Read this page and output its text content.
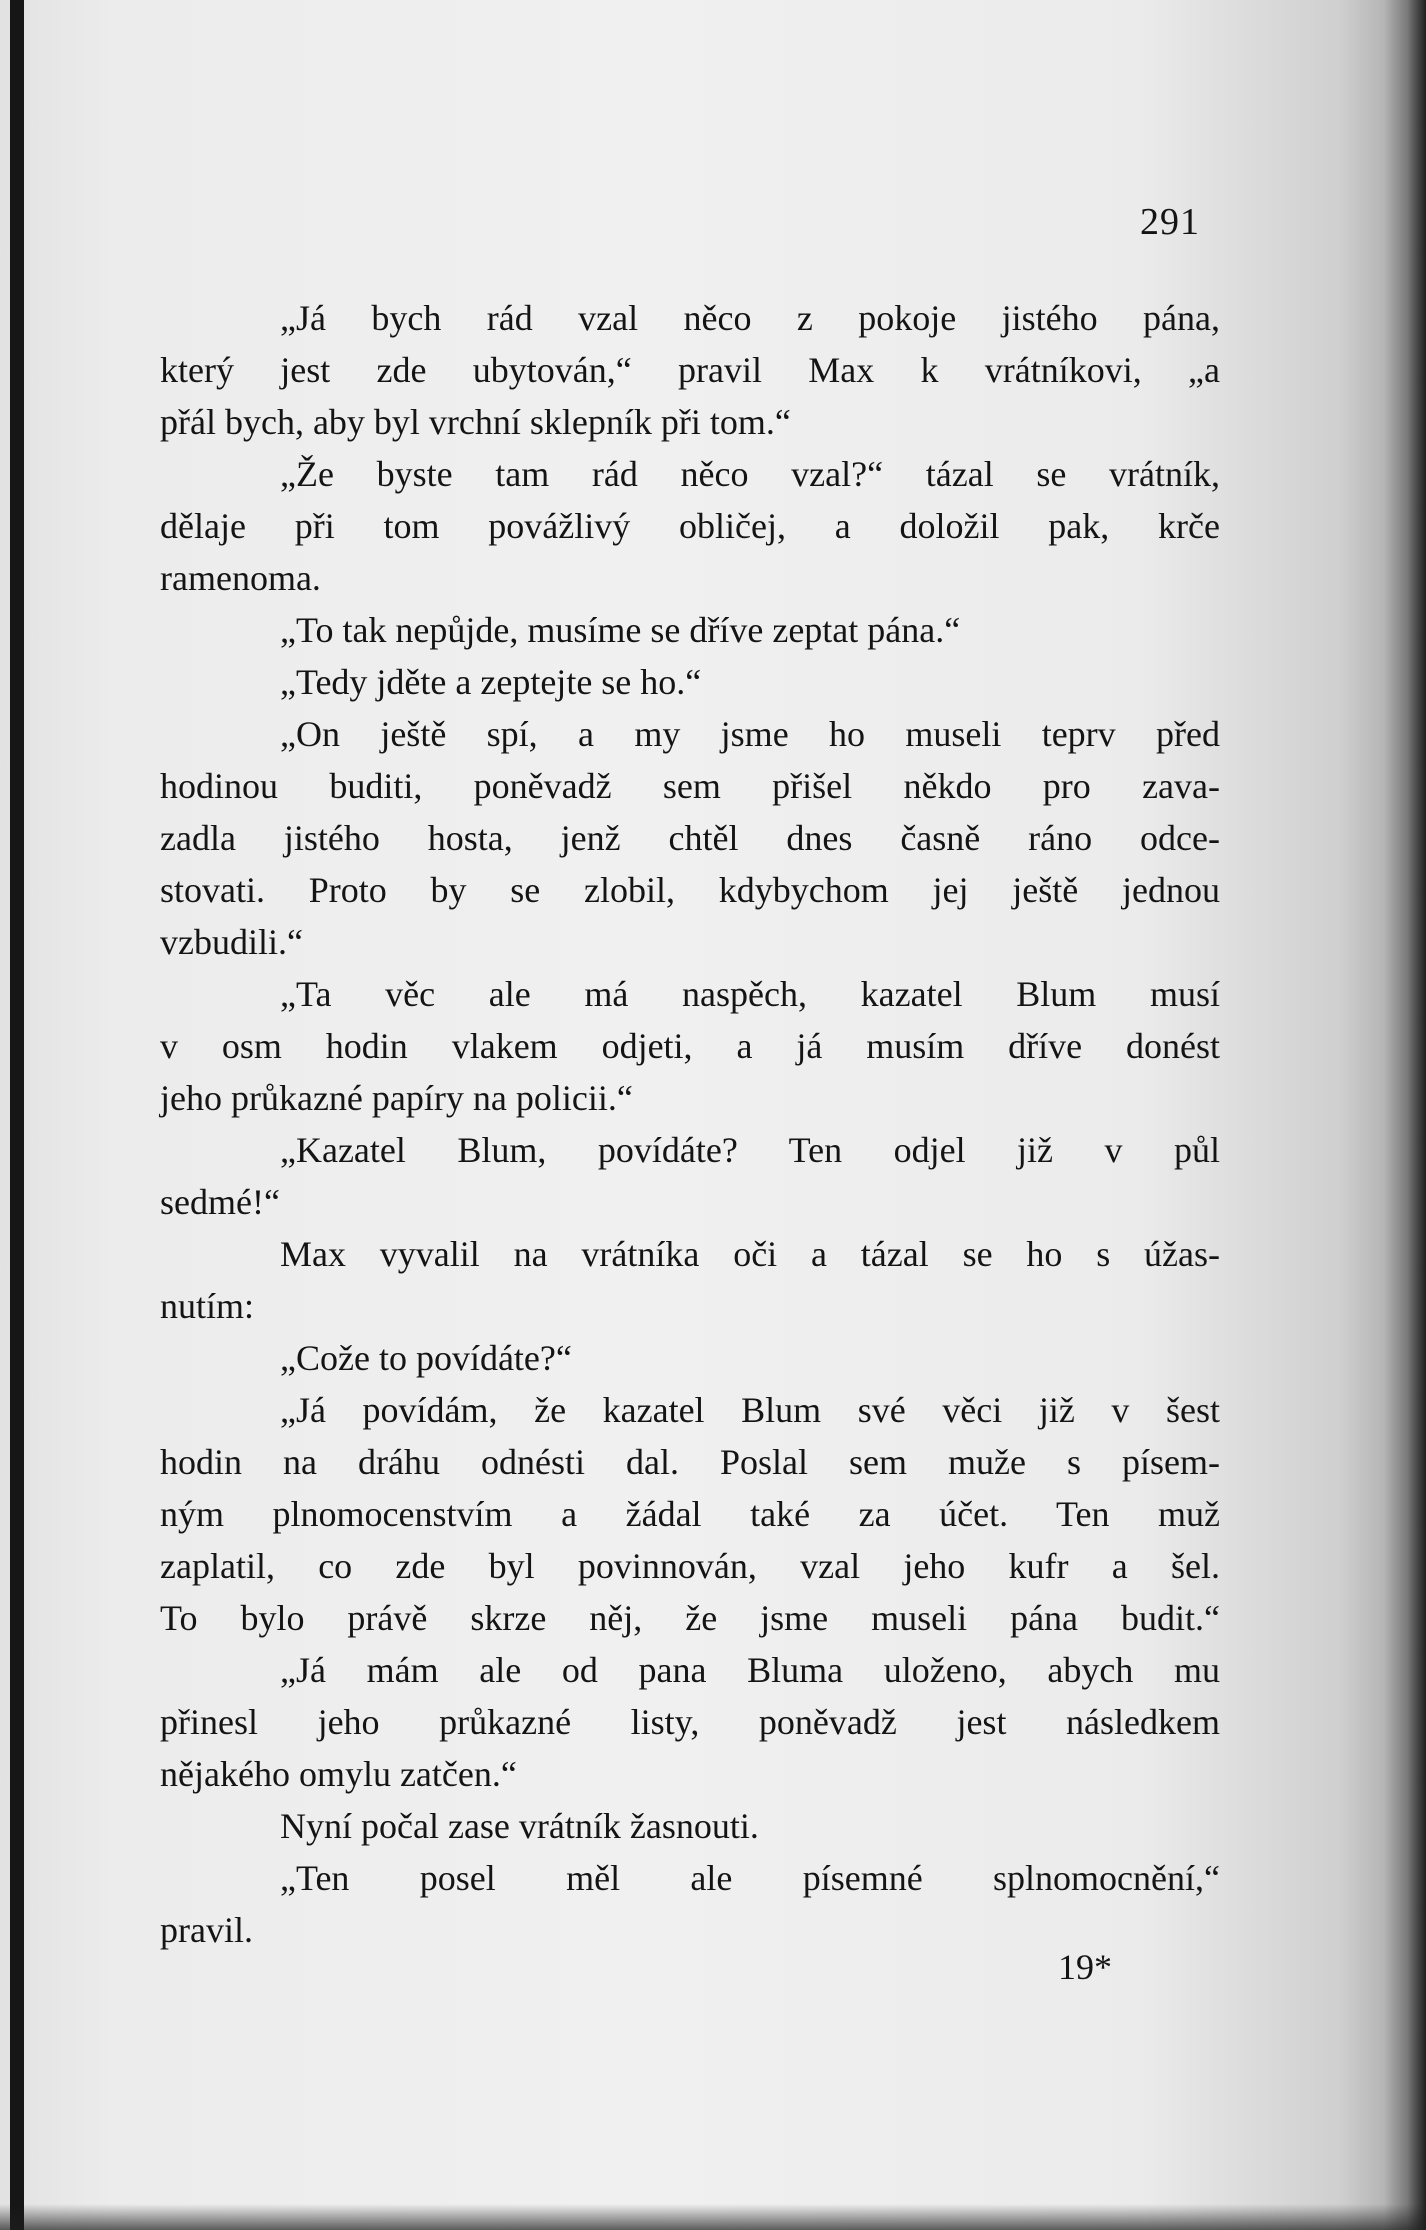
291
„Já bych rád vzal něco z pokoje jistého pána,
který jest zde ubytován,“ pravil Max k vrátníkovi, „a
přál bych, aby byl vrchní sklepník při tom.“
„Že byste tam rád něco vzal?“ tázal se vrátník,
dělaje při tom povážlivý obličej, a doložil pak, krče
ramenoma.
„To tak nepůjde, musíme se dříve zeptat pána.“
„Tedy jděte a zeptejte se ho.“
„On ještě spí, a my jsme ho museli teprv před
hodinou buditi, poněvadž sem přišel někdo pro zava-
zadla jistého hosta, jenž chtěl dnes časně ráno odce-
stovati. Proto by se zlobil, kdybychom jej ještě jednou
vzbudili.“
„Ta věc ale má naspěch, kazatel Blum musí
v osm hodin vlakem odjeti, a já musím dříve donést
jeho průkazné papíry na policii.“
„Kazatel Blum, povídáte? Ten odjel již v půl
sedmé!“
Max vyvalil na vrátníka oči a tázal se ho s úžas-
nutím:
„Cože to povídáte?“
„Já povídám, že kazatel Blum své věci již v šest
hodin na dráhu odnésti dal. Poslal sem muže s písem-
ným plnomocenstvím a žádal také za účet. Ten muž
zaplatil, co zde byl povinnován, vzal jeho kufr a šel.
To bylo právě skrze něj, že jsme museli pána budit.“
„Já mám ale od pana Bluma uloženo, abych mu
přinesl jeho průkazné listy, poněvadž jest následkem
nějakého omylu zatčen.“
Nyní počal zase vrátník žasnouti.
„Ten posel měl ale písemné splnomocnění,“
pravil.
19*
